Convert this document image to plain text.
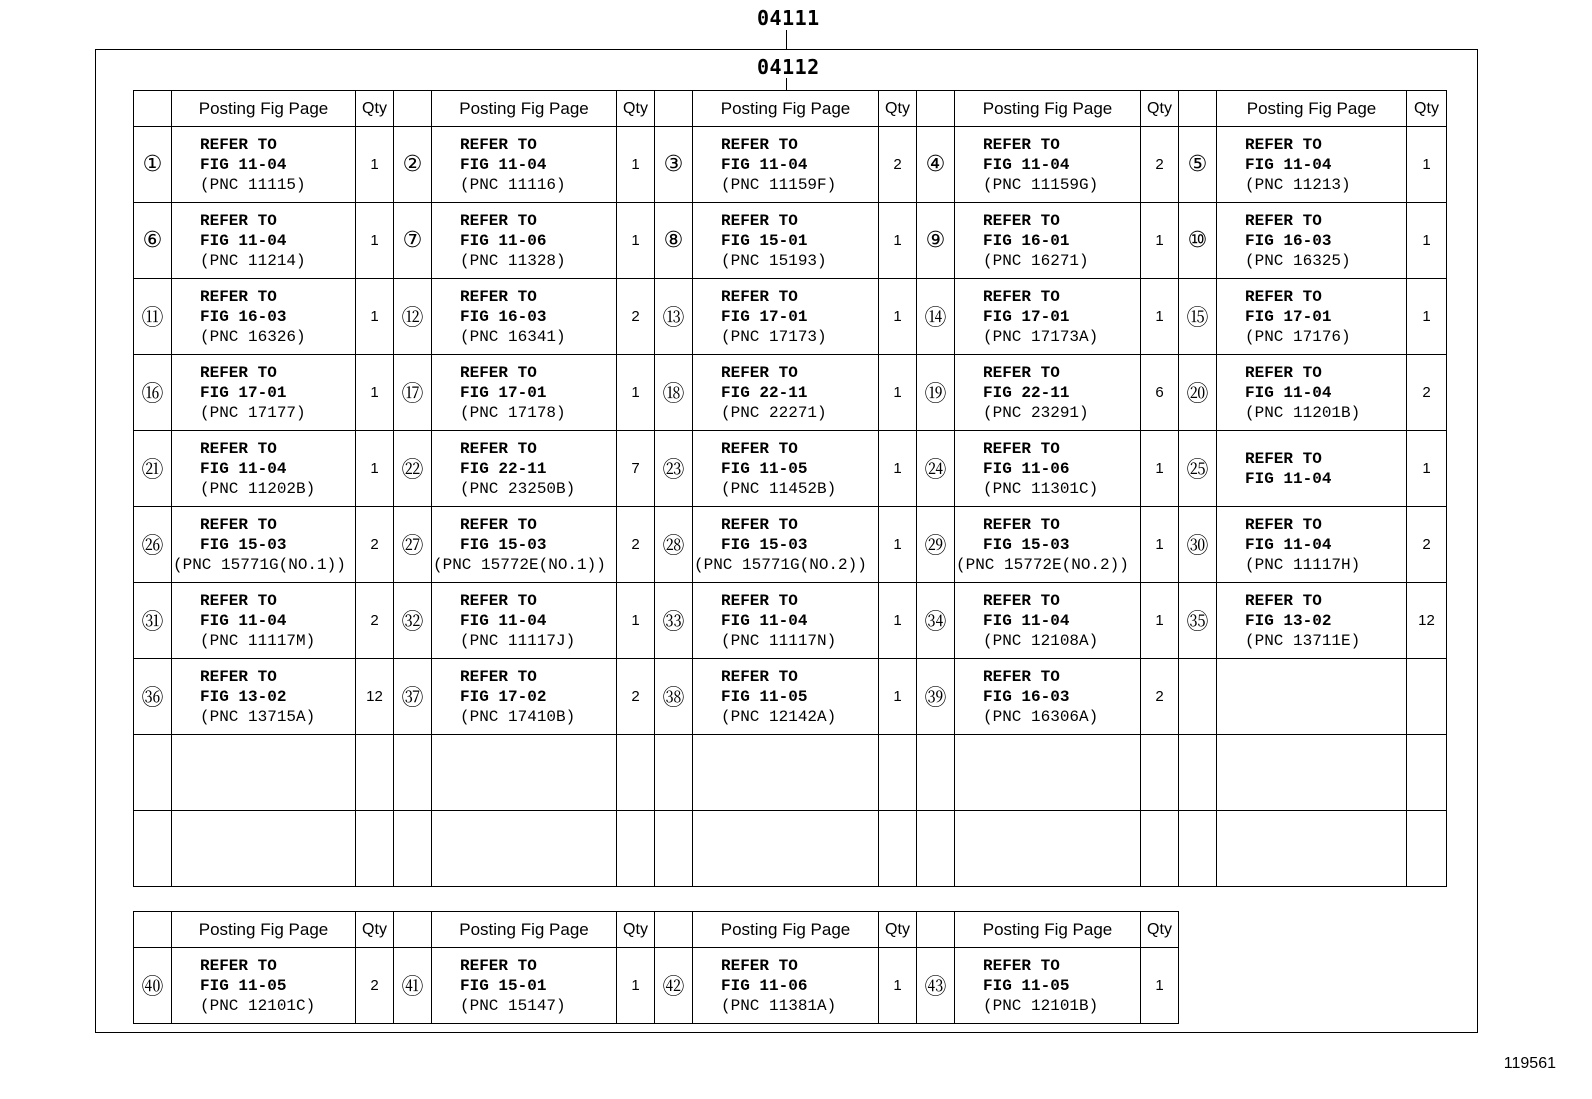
04111
04112
	Posting Fig Page	Qty		Posting Fig Page	Qty		Posting Fig Page	Qty		Posting Fig Page	Qty		Posting Fig Page	Qty
①	REFER TO
FIG 11-04
(PNC 11115)	1	②	REFER TO
FIG 11-04
(PNC 11116)	1	③	REFER TO
FIG 11-04
(PNC 11159F)	2	④	REFER TO
FIG 11-04
(PNC 11159G)	2	⑤	REFER TO
FIG 11-04
(PNC 11213)	1
⑥	REFER TO
FIG 11-04
(PNC 11214)	1	⑦	REFER TO
FIG 11-06
(PNC 11328)	1	⑧	REFER TO
FIG 15-01
(PNC 15193)	1	⑨	REFER TO
FIG 16-01
(PNC 16271)	1	⑩	REFER TO
FIG 16-03
(PNC 16325)	1
⑪	REFER TO
FIG 16-03
(PNC 16326)	1	⑫	REFER TO
FIG 16-03
(PNC 16341)	2	⑬	REFER TO
FIG 17-01
(PNC 17173)	1	⑭	REFER TO
FIG 17-01
(PNC 17173A)	1	⑮	REFER TO
FIG 17-01
(PNC 17176)	1
⑯	REFER TO
FIG 17-01
(PNC 17177)	1	⑰	REFER TO
FIG 17-01
(PNC 17178)	1	⑱	REFER TO
FIG 22-11
(PNC 22271)	1	⑲	REFER TO
FIG 22-11
(PNC 23291)	6	⑳	REFER TO
FIG 11-04
(PNC 11201B)	2
㉑	REFER TO
FIG 11-04
(PNC 11202B)	1	㉒	REFER TO
FIG 22-11
(PNC 23250B)	7	㉓	REFER TO
FIG 11-05
(PNC 11452B)	1	㉔	REFER TO
FIG 11-06
(PNC 11301C)	1	㉕	REFER TO
FIG 11-04	1
㉖	REFER TO
FIG 15-03
(PNC 15771G(NO.1))	2	㉗	REFER TO
FIG 15-03
(PNC 15772E(NO.1))	2	㉘	REFER TO
FIG 15-03
(PNC 15771G(NO.2))	1	㉙	REFER TO
FIG 15-03
(PNC 15772E(NO.2))	1	㉚	REFER TO
FIG 11-04
(PNC 11117H)	2
㉛	REFER TO
FIG 11-04
(PNC 11117M)	2	㉜	REFER TO
FIG 11-04
(PNC 11117J)	1	㉝	REFER TO
FIG 11-04
(PNC 11117N)	1	㉞	REFER TO
FIG 11-04
(PNC 12108A)	1	㉟	REFER TO
FIG 13-02
(PNC 13711E)	12
㊱	REFER TO
FIG 13-02
(PNC 13715A)	12	㊲	REFER TO
FIG 17-02
(PNC 17410B)	2	㊳	REFER TO
FIG 11-05
(PNC 12142A)	1	㊴	REFER TO
FIG 16-03
(PNC 16306A)	2		

	Posting Fig Page	Qty		Posting Fig Page	Qty		Posting Fig Page	Qty		Posting Fig Page	Qty
㊵	REFER TO
FIG 11-05
(PNC 12101C)	2	㊶	REFER TO
FIG 15-01
(PNC 15147)	1	㊷	REFER TO
FIG 11-06
(PNC 11381A)	1	㊸	REFER TO
FIG 11-05
(PNC 12101B)	1
119561
